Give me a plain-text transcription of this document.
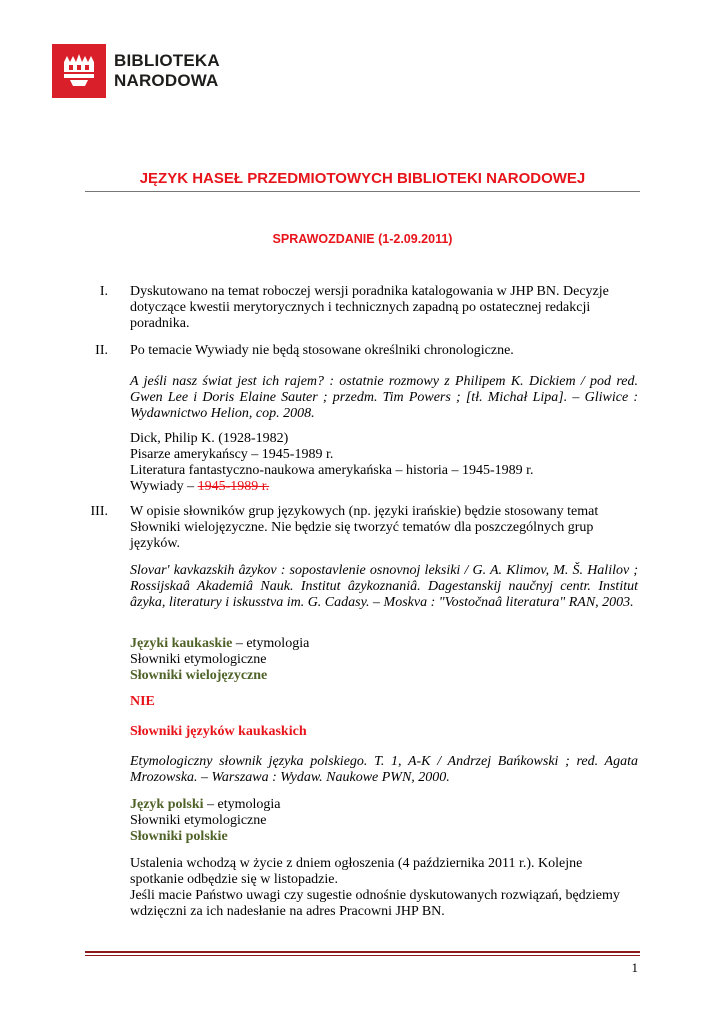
BIBLIOTEKA
NARODOWA
JĘZYK HASEŁ PRZEDMIOTOWYCH BIBLIOTEKI NARODOWEJ
SPRAWOZDANIE (1-2.09.2011)
I. Dyskutowano na temat roboczej wersji poradnika katalogowania w JHP BN. Decyzje dotyczące kwestii merytorycznych i technicznych zapadną po ostatecznej redakcji poradnika.
II. Po temacie Wywiady nie będą stosowane określniki chronologiczne.
A jeśli nasz świat jest ich rajem? : ostatnie rozmowy z Philipem K. Dickiem / pod red. Gwen Lee i Doris Elaine Sauter ; przedm. Tim Powers ; [tł. Michał Lipa]. – Gliwice : Wydawnictwo Helion, cop. 2008.
Dick, Philip K. (1928-1982)
Pisarze amerykańscy – 1945-1989 r.
Literatura fantastyczno-naukowa amerykańska – historia – 1945-1989 r.
Wywiady – 1945-1989 r.
III. W opisie słowników grup językowych (np. języki irańskie) będzie stosowany temat Słowniki wielojęzyczne. Nie będzie się tworzyć tematów dla poszczególnych grup języków.
Slovar' kavkazskih âzykov : sopostavlenie osnovnoj leksiki / G. A. Klimov, M. Š. Halilov ; Rossijskaâ Akademiâ Nauk. Institut âzykoznaniâ. Dagestanskij naučnyj centr. Institut âzyka, literatury i iskusstva im. G. Cadasy. – Moskva : "Vostočnaâ literatura" RAN, 2003.
Języki kaukaskie – etymologia
Słowniki etymologiczne
Słowniki wielojęzyczne
NIE
Słowniki języków kaukaskich
Etymologiczny słownik języka polskiego. T. 1, A-K / Andrzej Bańkowski ; red. Agata Mrozowska. – Warszawa : Wydaw. Naukowe PWN, 2000.
Język polski – etymologia
Słowniki etymologiczne
Słowniki polskie
Ustalenia wchodzą w życie z dniem ogłoszenia (4 października 2011 r.). Kolejne spotkanie odbędzie się w listopadzie.
Jeśli macie Państwo uwagi czy sugestie odnośnie dyskutowanych rozwiązań, będziemy wdzięczni za ich nadesłanie na adres Pracowni JHP BN.
1
